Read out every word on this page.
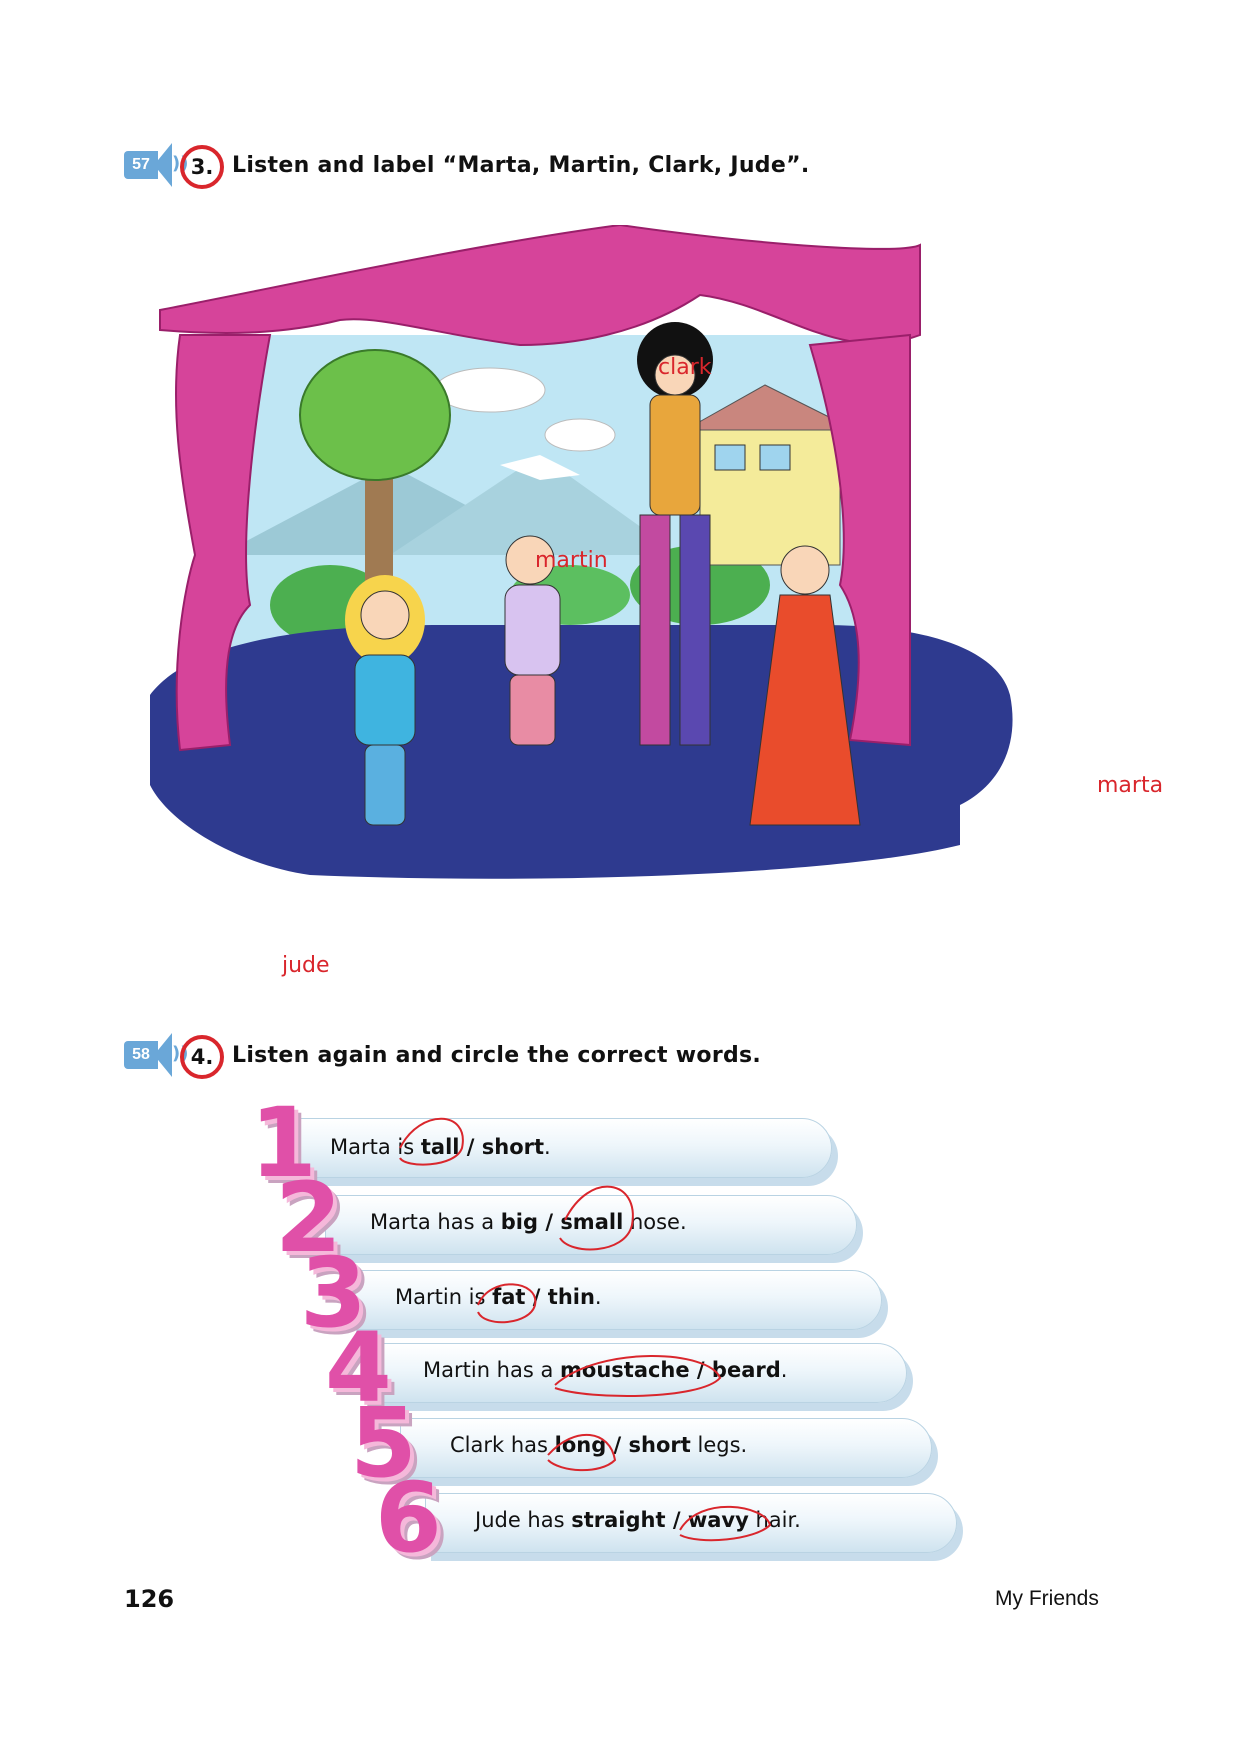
57	)) 3. Listen and label “Marta, Martin, Clark, Jude”.
clark
martin
marta
jude
58	)) 4. Listen again and circle the correct words.
1
2
3
4
5
6
Marta is tall / short.
Marta has a big / small nose.
Martin is fat / thin.
Martin has a moustache / beard.
Clark has long / short legs.
Jude has straight / wavy hair.
126	My Friends
